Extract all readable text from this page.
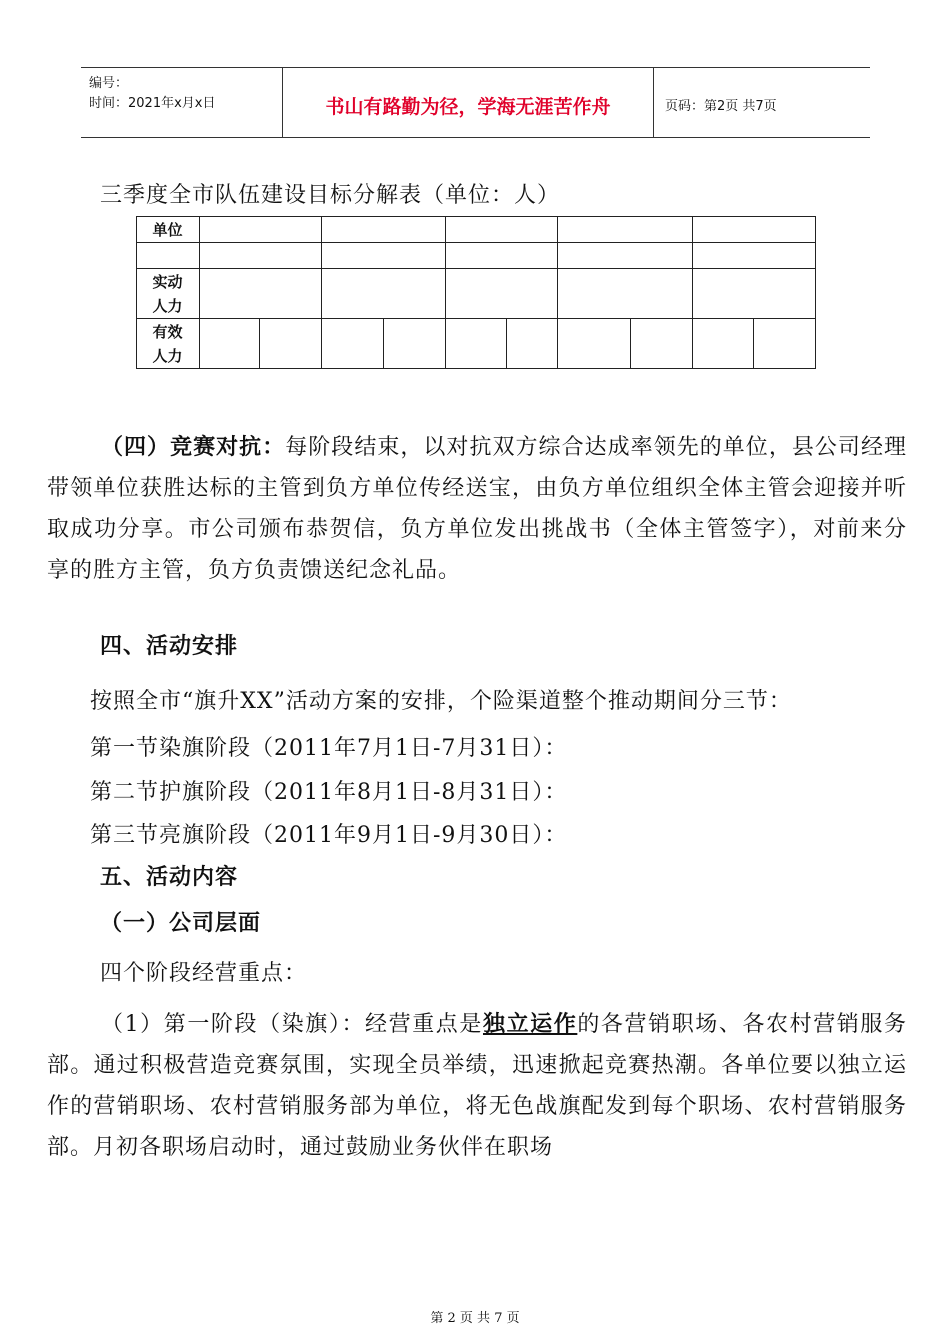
编号：
时间：2021年x月x日	书山有路勤为径，学海无涯苦作舟	页码：第2页 共7页
三季度全市队伍建设目标分解表（单位：人）
单位
实动
人力
有效
人力
（四）竞赛对抗：每阶段结束，以对抗双方综合达成率领先的单位，县公司经理带领单位获胜达标的主管到负方单位传经送宝，由负方单位组织全体主管会迎接并听取成功分享。市公司颁布恭贺信，负方单位发出挑战书（全体主管签字），对前来分享的胜方主管，负方负责馈送纪念礼品。
四、活动安排
按照全市“旗升XX”活动方案的安排，个险渠道整个推动期间分三节：
第一节染旗阶段（2011年7月1日-7月31日）：
第二节护旗阶段（2011年8月1日-8月31日）：
第三节亮旗阶段（2011年9月1日-9月30日）：
五、活动内容
（一）公司层面
四个阶段经营重点：
（1）第一阶段（染旗）：经营重点是独立运作的各营销职场、各农村营销服务部。通过积极营造竞赛氛围，实现全员举绩，迅速掀起竞赛热潮。各单位要以独立运作的营销职场、农村营销服务部为单位，将无色战旗配发到每个职场、农村营销服务部。月初各职场启动时，通过鼓励业务伙伴在职场
第 2 页 共 7 页
